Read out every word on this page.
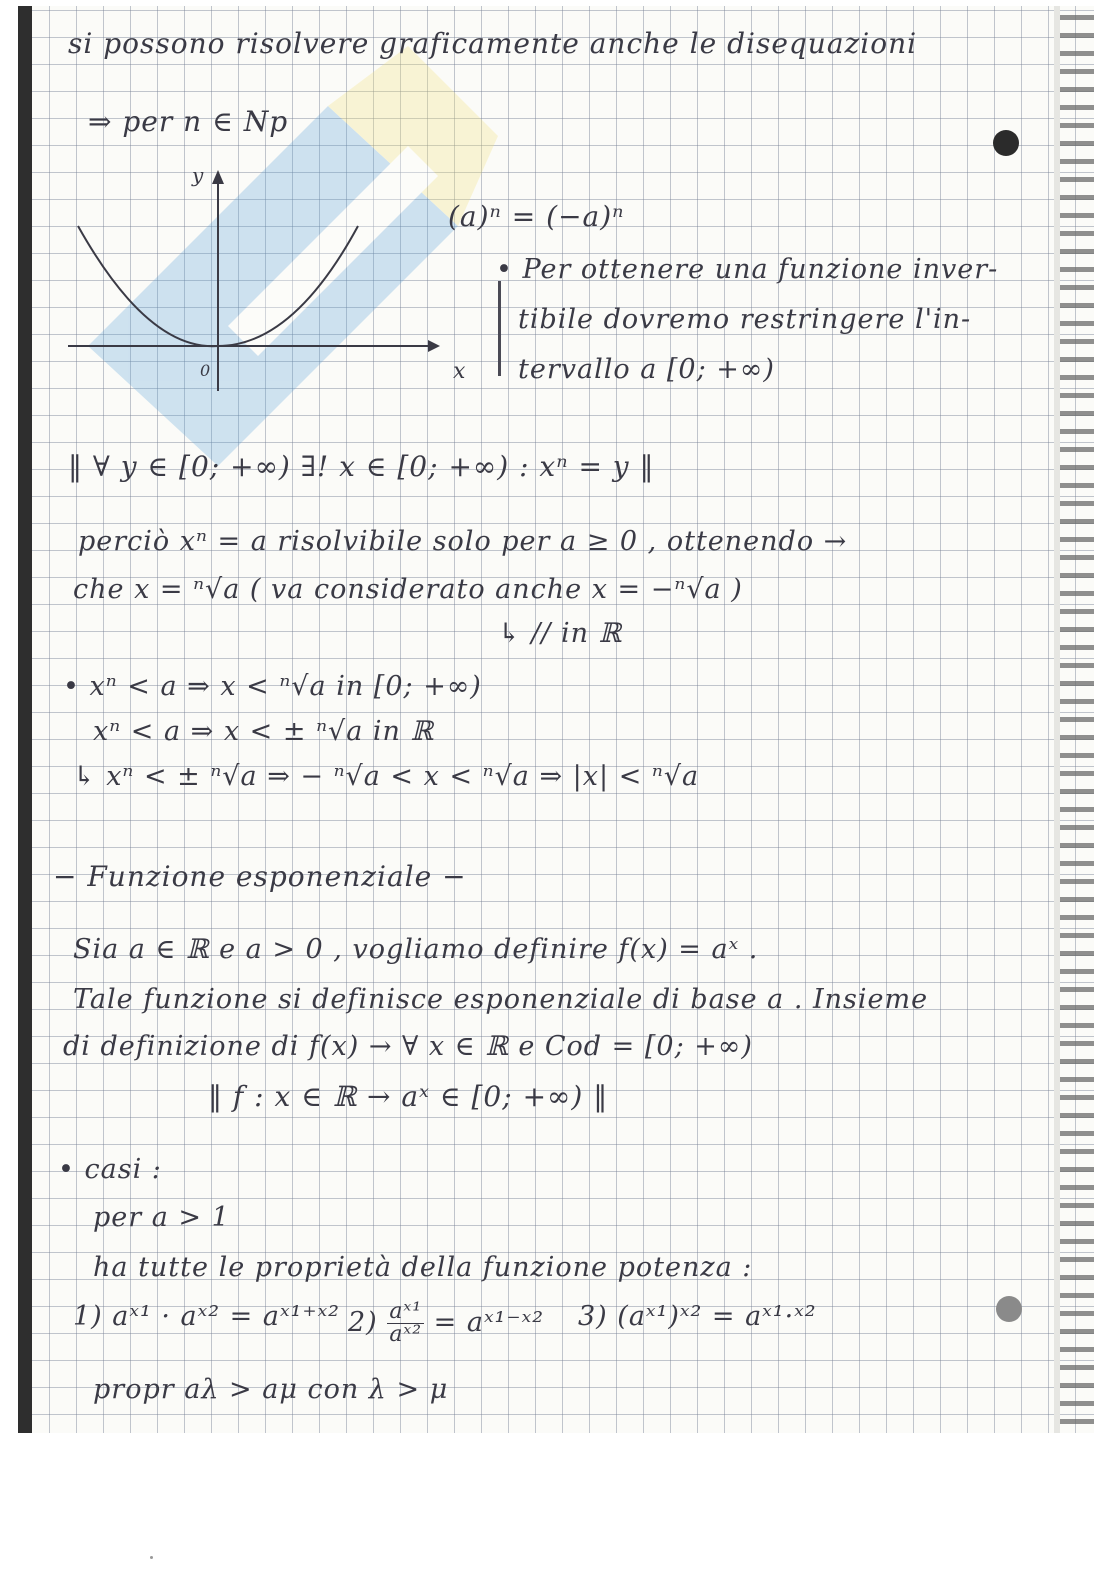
si possono risolvere graficamente anche le disequazioni
⇒ per n ∈ Np
y
x
0
(a)ⁿ = (−a)ⁿ
• Per ottenere una funzione inver-
tibile dovremo restringere l'in-
tervallo a [0; +∞)
‖ ∀ y ∈ [0; +∞) ∃! x ∈ [0; +∞) : xⁿ = y ‖
perciò xⁿ = a risolvibile solo per a ≥ 0 , ottenendo →
che x = ⁿ√a ( va considerato anche x = −ⁿ√a )
↳ // in ℝ
• xⁿ < a ⇒ x < ⁿ√a in [0; +∞)
xⁿ < a ⇒ x < ± ⁿ√a in ℝ
↳ xⁿ < ± ⁿ√a ⇒ − ⁿ√a < x < ⁿ√a ⇒ |x| < ⁿ√a
− Funzione esponenziale −
Sia a ∈ ℝ e a > 0 , vogliamo definire f(x) = aˣ .
Tale funzione si definisce esponenziale di base a . Insieme
di definizione di f(x) → ∀ x ∈ ℝ e Cod = [0; +∞)
‖ f : x ∈ ℝ → aˣ ∈ [0; +∞) ‖
• casi :
per a > 1
ha tutte le proprietà della funzione potenza :
1) aˣ¹ · aˣ² = aˣ¹⁺ˣ² $2) \frac{\text{aˣ¹}}{\text{aˣ²}}$ = aˣ¹⁻ˣ² 3) (aˣ¹)ˣ² = aˣ¹·ˣ²
propr aλ > aμ con λ > μ
